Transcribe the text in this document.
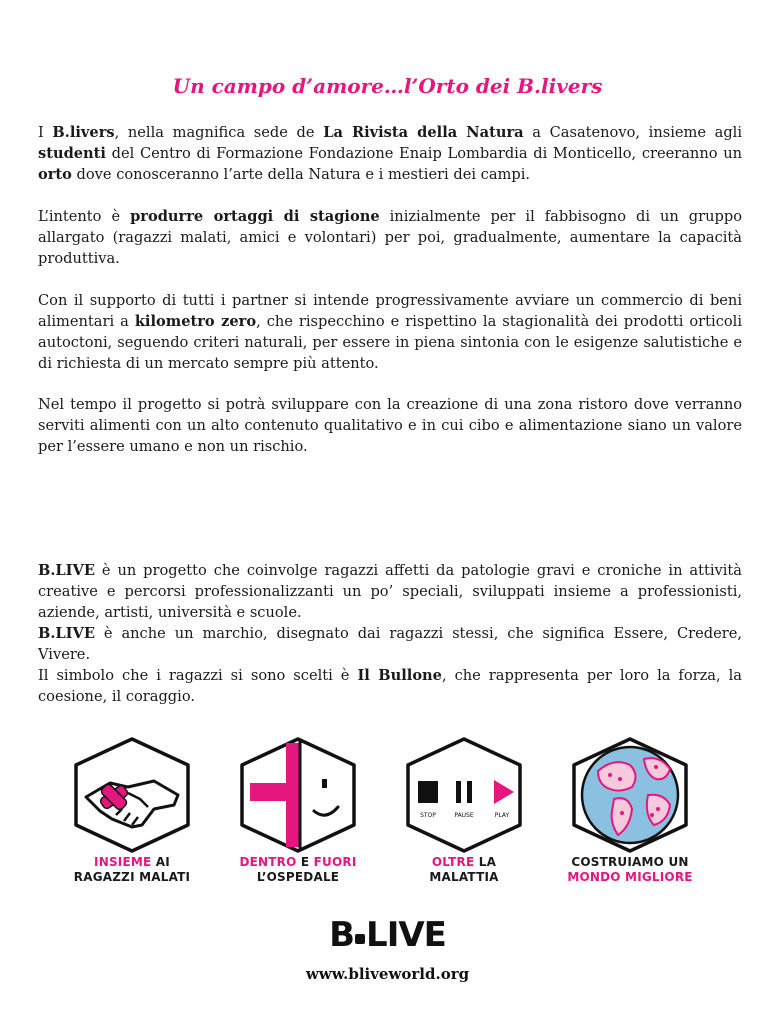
Un campo d’amore…l’Orto dei B.livers

I B.livers, nella magnifica sede de La Rivista della Natura a Casatenovo, insieme agli studenti del Centro di Formazione Fondazione Enaip Lombardia di Monticello, creeranno un orto dove conosceranno l’arte della Natura e i mestieri dei campi.

L’intento è produrre ortaggi di stagione inizialmente per il fabbisogno di un gruppo allargato (ragazzi malati, amici e volontari) per poi, gradualmente, aumentare la capacità produttiva.

Con il supporto di tutti i partner si intende progressivamente avviare un commercio di beni alimentari a kilometro zero, che rispecchino e rispettino la stagionalità dei prodotti orticoli autoctoni, seguendo criteri naturali, per essere in piena sintonia con le esigenze salutistiche e di richiesta di un mercato sempre più attento.

Nel tempo il progetto si potrà sviluppare con la creazione di una zona ristoro dove verranno serviti alimenti con un alto contenuto qualitativo e in cui cibo e alimentazione siano un valore per l’essere umano e non un rischio.

B.LIVE è un progetto che coinvolge ragazzi affetti da patologie gravi e croniche in attività creative e percorsi professionalizzanti un po’ speciali, sviluppati insieme a professionisti, aziende, artisti, università e scuole.

B.LIVE è anche un marchio, disegnato dai ragazzi stessi, che significa Essere, Credere, Vivere.

Il simbolo che i ragazzi si sono scelti è Il Bullone, che rappresenta per loro la forza, la coesione, il coraggio.

INSIEME AI
RAGAZZI MALATI
DENTRO E FUORI
L’OSPEDALE
STOP	PAUSE	PLAY
OLTRE LA
MALATTIA
COSTRUIAMO UN
MONDO MIGLIORE
B LIVE
www.bliveworld.org
